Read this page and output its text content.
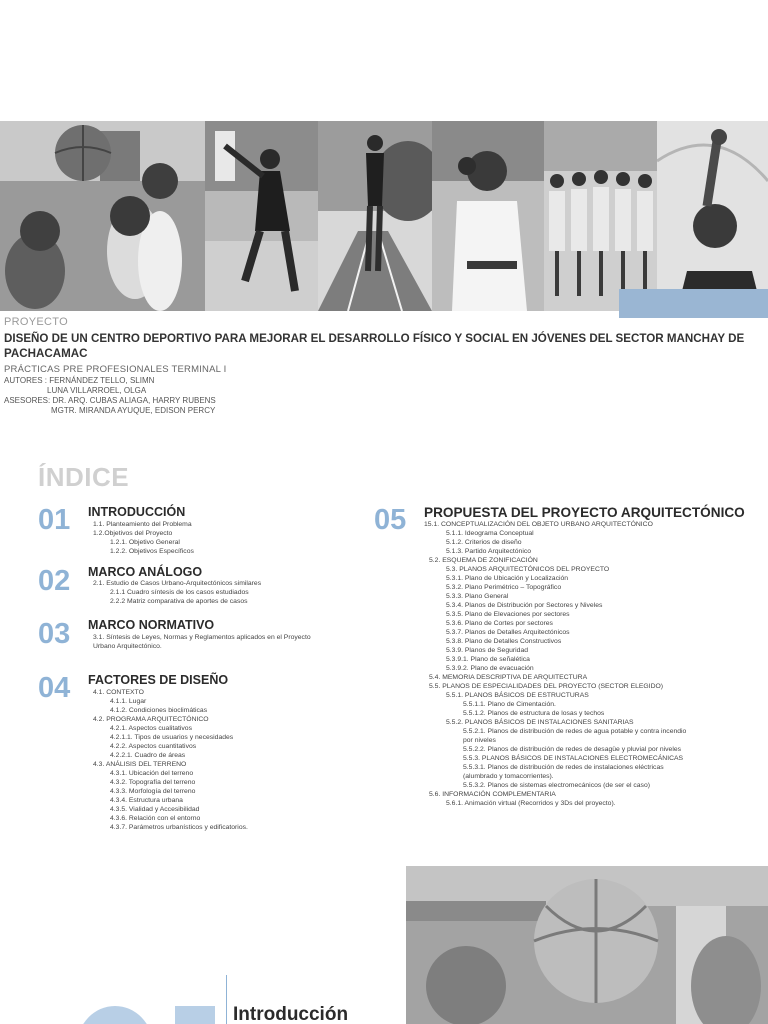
PROYECTO
DISEÑO DE UN CENTRO DEPORTIVO PARA MEJORAR EL DESARROLLO FÍSICO Y SOCIAL EN JÓVENES DEL SECTOR MANCHAY DE PACHACAMAC
PRÁCTICAS PRE PROFESIONALES TERMINAL I
AUTORES : FERNÁNDEZ TELLO, SLIMN
LUNA VILLARROEL, OLGA
ASESORES: DR. ARQ. CUBAS ALIAGA, HARRY RUBENS
MGTR. MIRANDA AYUQUE, EDISON PERCY
ÍNDICE
01 INTRODUCCIÓN
1.1. Planteamiento del Problema
1.2.Objetivos del Proyecto
1.2.1. Objetivo General
1.2.2. Objetivos Específicos
02 MARCO ANÁLOGO
2.1. Estudio de Casos Urbano-Arquitectónicos similares
2.1.1 Cuadro síntesis de los casos estudiados
2.2.2 Matriz comparativa de aportes de casos
03 MARCO NORMATIVO
3.1. Síntesis de Leyes, Normas y Reglamentos aplicados en el Proyecto
Urbano Arquitectónico.
04 FACTORES DE DISEÑO
4.1. CONTEXTO
4.1.1. Lugar
4.1.2. Condiciones bioclimáticas
4.2. PROGRAMA ARQUITECTÓNICO
4.2.1. Aspectos cualitativos
4.2.1.1. Tipos de usuarios y necesidades
4.2.2. Aspectos cuantitativos
4.2.2.1. Cuadro de áreas
4.3. ANÁLISIS DEL TERRENO
4.3.1. Ubicación del terreno
4.3.2. Topografía del terreno
4.3.3. Morfología del terreno
4.3.4. Estructura urbana
4.3.5. Vialidad y Accesibilidad
4.3.6. Relación con el entorno
4.3.7. Parámetros urbanísticos y edificatorios.
05 PROPUESTA DEL PROYECTO ARQUITECTÓNICO
15.1. CONCEPTUALIZACIÓN DEL OBJETO URBANO ARQUITECTÓNICO
5.1.1. Ideograma Conceptual
5.1.2. Criterios de diseño
5.1.3. Partido Arquitectónico
5.2. ESQUEMA DE ZONIFICACIÓN
5.3. PLANOS ARQUITECTÓNICOS DEL PROYECTO
5.3.1. Plano de Ubicación y Localización
5.3.2. Plano Perimétrico – Topográfico
5.3.3. Plano General
5.3.4. Planos de Distribución por Sectores y Niveles
5.3.5. Plano de Elevaciones por sectores
5.3.6. Plano de Cortes por sectores
5.3.7. Planos de Detalles Arquitectónicos
5.3.8. Plano de Detalles Constructivos
5.3.9. Planos de Seguridad
5.3.9.1. Plano de señalética
5.3.9.2. Plano de evacuación
5.4. MEMORIA DESCRIPTIVA DE ARQUITECTURA
5.5. PLANOS DE ESPECIALIDADES DEL PROYECTO (SECTOR ELEGIDO)
5.5.1. PLANOS BÁSICOS DE ESTRUCTURAS
5.5.1.1. Plano de Cimentación.
5.5.1.2. Planos de estructura de losas y techos
5.5.2. PLANOS BÁSICOS DE INSTALACIONES SANITARIAS
5.5.2.1. Planos de distribución de redes de agua potable y contra incendio por niveles
5.5.2.2. Planos de distribución de redes de desagüe y pluvial por niveles
5.5.3. PLANOS BÁSICOS DE INSTALACIONES ELECTROMECÁNICAS
5.5.3.1. Planos de distribución de redes de instalaciones eléctricas (alumbrado y tomacorrientes).
5.5.3.2. Planos de sistemas electromecánicos (de ser el caso)
5.6. INFORMACIÓN COMPLEMENTARIA
5.6.1. Animación virtual (Recorridos y 3Ds del proyecto).
Introducción
